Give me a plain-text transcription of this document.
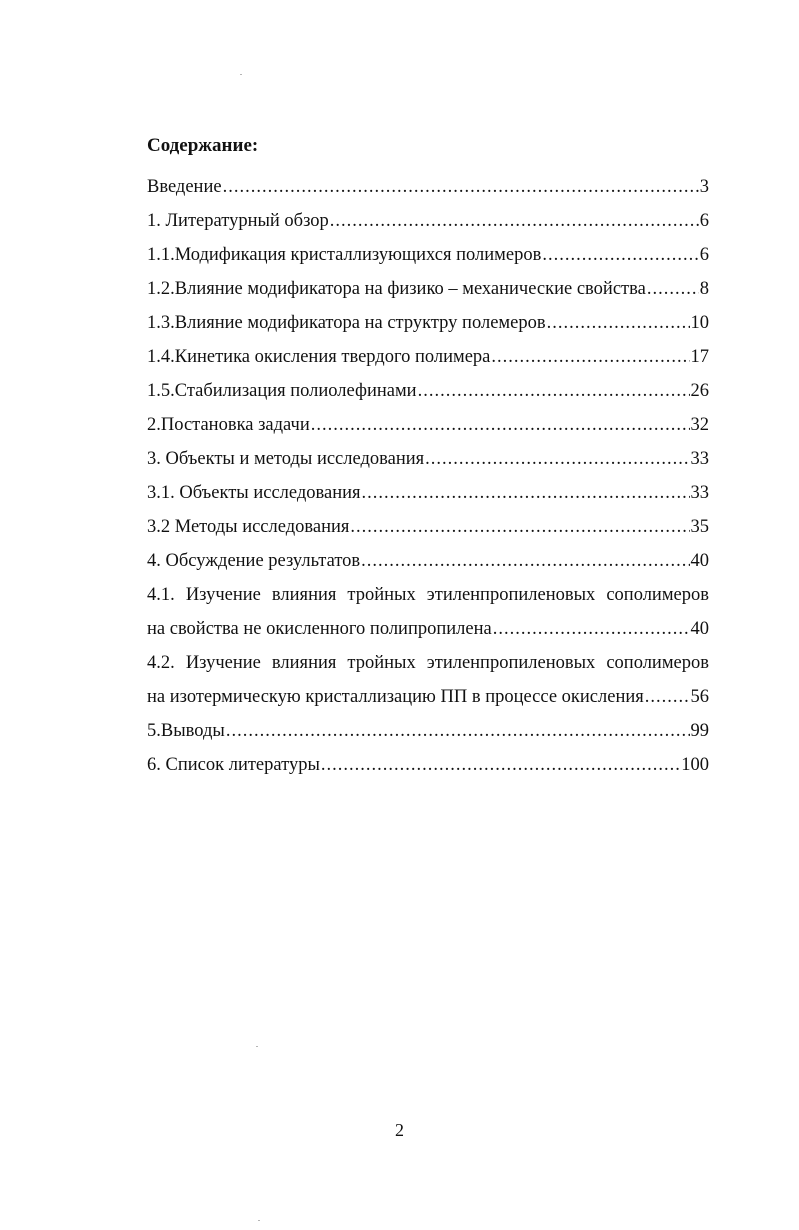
Содержание:
Введение .....	3
1. Литературный обзор .....	6
1.1.Модификация кристаллизующихся полимеров .....	6
1.2.Влияние модификатора на физико – механические свойства .....	8
1.3.Влияние модификатора на структру полемеров .....	10
1.4.Кинетика окисления твердого полимера .....	17
1.5.Стабилизация полиолефинами .....	26
2.Постановка задачи .....	32
3. Объекты и методы исследования .....	33
3.1. Объекты исследования .....	33
3.2 Методы исследования .....	35
4. Обсуждение результатов .....	40
4.1. Изучение влияния тройных этиленпропиленовых сополимеров
на свойства не окисленного полипропилена .....	40
4.2. Изучение влияния тройных этиленпропиленовых сополимеров
на изотермическую кристаллизацию ПП в процессе окисления .....	56
5.Выводы .....	99
6. Список литературы .....	100
2
